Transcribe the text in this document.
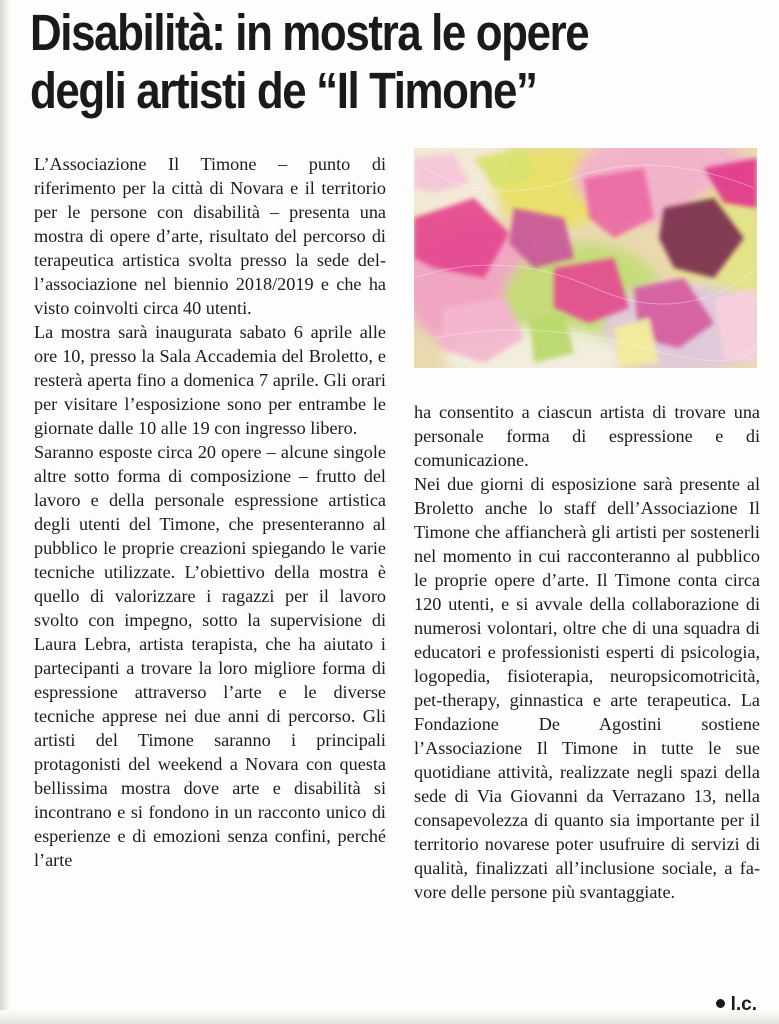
Disabilità: in mostra le opere
degli artisti de “Il Timone”

L’Associazione Il Timone – punto di riferimento per la città di Novara e il territorio per le persone con disabilità – presenta una mostra di opere d’arte, risultato del percorso di terapeutica artistica svolta presso la sede dell’associazione nel biennio 2018/2019 e che ha visto coinvolti circa 40 utenti.

La mostra sarà inaugurata sabato 6 aprile alle ore 10, presso la Sala Accademia del Broletto, e resterà aperta fino a domenica 7 aprile. Gli orari per visitare l’esposizione sono per entrambe le giornate dalle 10 alle 19 con ingresso libero.

Saranno esposte circa 20 opere – alcune singole altre sotto forma di composizione – frutto del lavoro e della personale espressione artistica degli utenti del Timone, che presenteranno al pubblico le proprie creazioni spiegando le varie tecniche utilizzate. L’obiettivo della mostra è quello di valorizzare i ragazzi per il lavoro svolto con impegno, sotto la supervisione di Laura Lebra, artista terapista, che ha aiutato i partecipanti a trovare la loro migliore forma di espressione attraverso l’arte e le diverse tecniche apprese nei due anni di percorso. Gli artisti del Timone saranno i principali protagonisti del weekend a Novara con questa bellissima mostra dove arte e disabilità si incontrano e si fondono in un racconto unico di esperienze e di emozioni senza confini, perché l’arte

ha consentito a ciascun artista di trovare una personale forma di espressione e di comunicazione.

Nei due giorni di esposizione sarà presente al Broletto anche lo staff dell’Associazione Il Timone che affiancherà gli artisti per sostenerli nel momento in cui racconteranno al pubblico le proprie opere d’arte. Il Timone conta circa 120 utenti, e si avvale della collaborazione di numerosi volontari, oltre che di una squadra di educatori e professionisti esperti di psicologia, logopedia, fisioterapia, neuropsicomotricità, pet-therapy, ginnastica e arte terapeutica. La Fondazione De Agostini sostiene l’Associazione Il Timone in tutte le sue quotidiane attività, realizzate negli spazi della sede di Via Giovanni da Verrazano 13, nella consapevolezza di quanto sia importante per il territorio novarese poter usufruire di servizi di qualità, finalizzati all’inclusione sociale, a favore delle persone più svantaggiate.

l.c.
